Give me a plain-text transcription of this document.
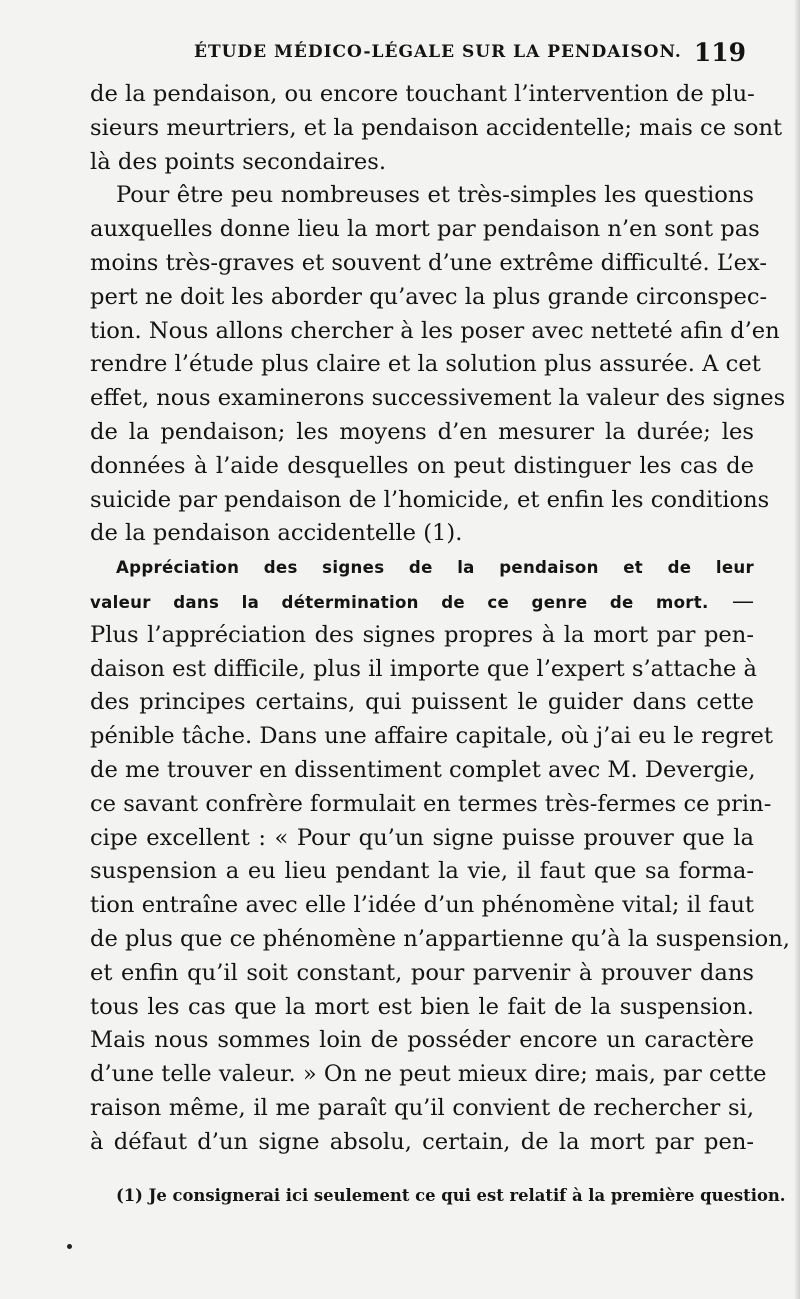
ÉTUDE MÉDICO-LÉGALE SUR LA PENDAISON. 119
de la pendaison, ou encore touchant l’intervention de plu-
sieurs meurtriers, et la pendaison accidentelle; mais ce sont
là des points secondaires.
Pour être peu nombreuses et très-simples les questions
auxquelles donne lieu la mort par pendaison n’en sont pas
moins très-graves et souvent d’une extrême difficulté. L’ex-
pert ne doit les aborder qu’avec la plus grande circonspec-
tion. Nous allons chercher à les poser avec netteté afin d’en
rendre l’étude plus claire et la solution plus assurée. A cet
effet, nous examinerons successivement la valeur des signes
de la pendaison; les moyens d’en mesurer la durée; les
données à l’aide desquelles on peut distinguer les cas de
suicide par pendaison de l’homicide, et enfin les conditions
de la pendaison accidentelle (1).
Appréciation des signes de la pendaison et de leur
valeur dans la détermination de ce genre de mort. —
Plus l’appréciation des signes propres à la mort par pen-
daison est difficile, plus il importe que l’expert s’attache à
des principes certains, qui puissent le guider dans cette
pénible tâche. Dans une affaire capitale, où j’ai eu le regret
de me trouver en dissentiment complet avec M. Devergie,
ce savant confrère formulait en termes très-fermes ce prin-
cipe excellent : « Pour qu’un signe puisse prouver que la
suspension a eu lieu pendant la vie, il faut que sa forma-
tion entraîne avec elle l’idée d’un phénomène vital; il faut
de plus que ce phénomène n’appartienne qu’à la suspension,
et enfin qu’il soit constant, pour parvenir à prouver dans
tous les cas que la mort est bien le fait de la suspension.
Mais nous sommes loin de posséder encore un caractère
d’une telle valeur. » On ne peut mieux dire; mais, par cette
raison même, il me paraît qu’il convient de rechercher si,
à défaut d’un signe absolu, certain, de la mort par pen-
(1) Je consignerai ici seulement ce qui est relatif à la première question.
